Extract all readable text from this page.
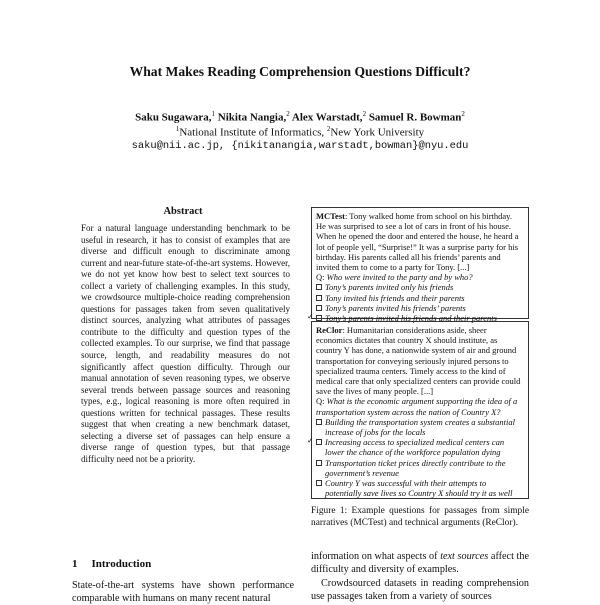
What Makes Reading Comprehension Questions Difficult?
Saku Sugawara,$^1$ Nikita Nangia,$^2$ Alex Warstadt,$^2$ Samuel R. Bowman$^2$
$^1$National Institute of Informatics, $^2$New York University
saku@nii.ac.jp, {nikitanangia,warstadt,bowman}@nyu.edu
Abstract
For a natural language understanding benchmark to be useful in research, it has to consist of examples that are diverse and difficult enough to discriminate among current and near-future state-of-the-art systems. However, we do not yet know how best to select text sources to collect a variety of challenging examples. In this study, we crowdsource multiple-choice reading comprehension questions for passages taken from seven qualitatively distinct sources, analyzing what attributes of passages contribute to the difficulty and question types of the collected examples. To our surprise, we find that passage source, length, and readability measures do not significantly affect question difficulty. Through our manual annotation of seven reasoning types, we observe several trends between passage sources and reasoning types, e.g., logical reasoning is more often required in questions written for technical passages. These results suggest that when creating a new benchmark dataset, selecting a diverse set of passages can help ensure a diverse range of question types, but that passage difficulty need not be a priority.
1 Introduction
State-of-the-art systems have shown performance comparable with humans on many recent natural
MCTest: Tony walked home from school on his birthday. He was surprised to see a lot of cars in front of his house. When he opened the door and entered the house, he heard a lot of people yell, “Surprise!” It was a surprise party for his birthday. His parents called all his friends’ parents and invited them to come to a party for Tony. [...]
Q: Who were invited to the party and by who?
Tony’s parents invited only his friends
Tony invited his friends and their parents
Tony’s parents invited his friends’ parents
✓Tony’s parents invited his friends and their parents
ReClor: Humanitarian considerations aside, sheer economics dictates that country X should institute, as country Y has done, a nationwide system of air and ground transportation for conveying seriously injured persons to specialized trauma centers. Timely access to the kind of medical care that only specialized centers can provide could save the lives of many people. [...]
Q: What is the economic argument supporting the idea of a transportation system across the nation of Country X?
Building the transportation system creates a substantial increase of jobs for the locals
✓Increasing access to specialized medical centers can lower the chance of the workforce population dying
Transportation ticket prices directly contribute to the government’s revenue
Country Y was successful with their attempts to potentially save lives so Country X should try it as well
Figure 1: Example questions for passages from simple narratives (MCTest) and technical arguments (ReClor).

information on what aspects of text sources affect the difficulty and diversity of examples.

Crowdsourced datasets in reading comprehension use passages taken from a variety of sources
